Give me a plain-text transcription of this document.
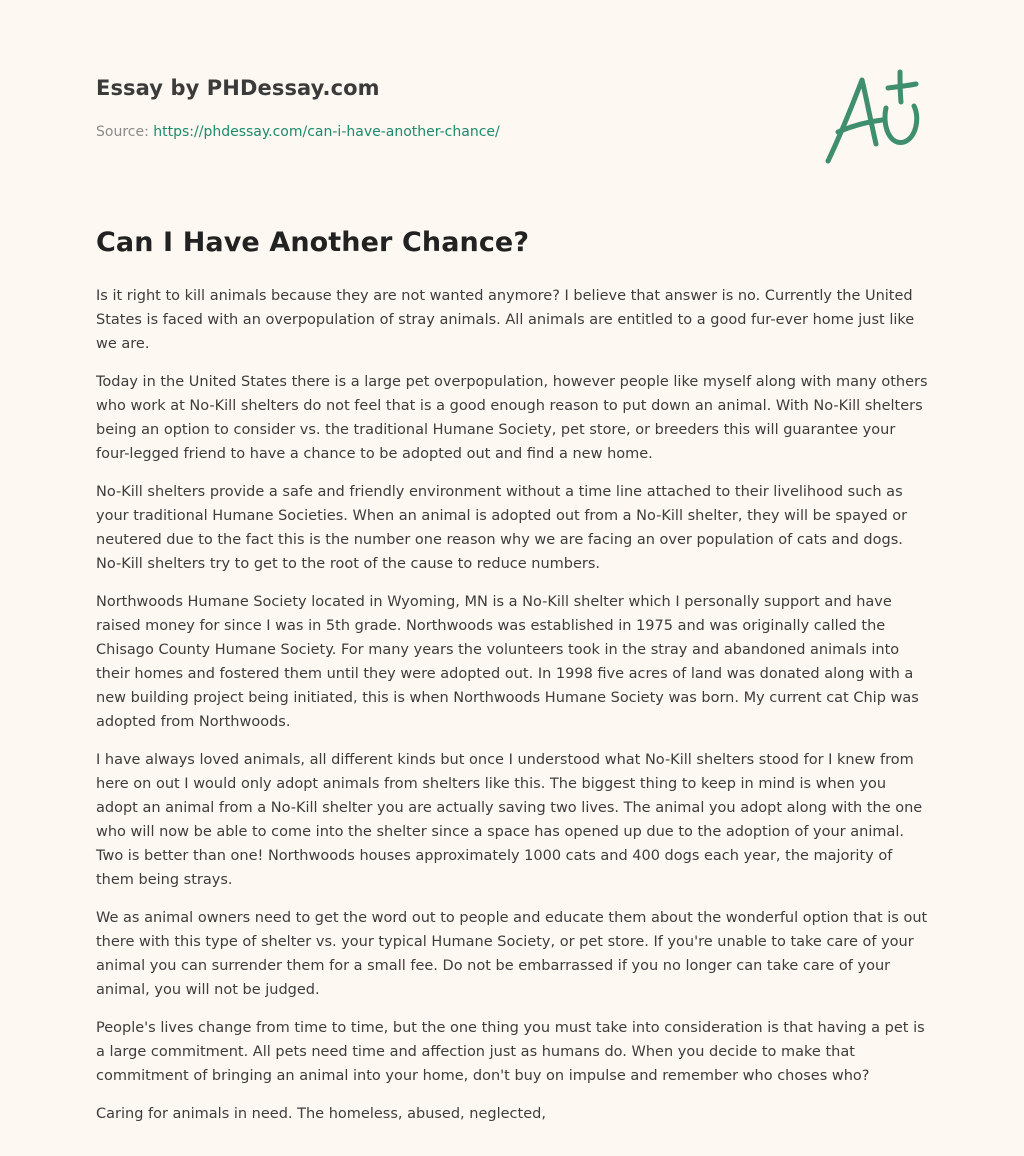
Essay by PHDessay.com
Source: https://phdessay.com/can-i-have-another-chance/
Can I Have Another Chance?

Is it right to kill animals because they are not wanted anymore? I believe that answer is no. Currently the United States is faced with an overpopulation of stray animals. All animals are entitled to a good fur-ever home just like we are.

Today in the United States there is a large pet overpopulation, however people like myself along with many others who work at No-Kill shelters do not feel that is a good enough reason to put down an animal. With No-Kill shelters being an option to consider vs. the traditional Humane Society, pet store, or breeders this will guarantee your four-legged friend to have a chance to be adopted out and find a new home.

No-Kill shelters provide a safe and friendly environment without a time line attached to their livelihood such as your traditional Humane Societies. When an animal is adopted out from a No-Kill shelter, they will be spayed or neutered due to the fact this is the number one reason why we are facing an over population of cats and dogs. No-Kill shelters try to get to the root of the cause to reduce numbers.

Northwoods Humane Society located in Wyoming, MN is a No-Kill shelter which I personally support and have raised money for since I was in 5th grade. Northwoods was established in 1975 and was originally called the Chisago County Humane Society. For many years the volunteers took in the stray and abandoned animals into their homes and fostered them until they were adopted out. In 1998 five acres of land was donated along with a new building project being initiated, this is when Northwoods Humane Society was born. My current cat Chip was adopted from Northwoods.

I have always loved animals, all different kinds but once I understood what No-Kill shelters stood for I knew from here on out I would only adopt animals from shelters like this. The biggest thing to keep in mind is when you adopt an animal from a No-Kill shelter you are actually saving two lives. The animal you adopt along with the one who will now be able to come into the shelter since a space has opened up due to the adoption of your animal. Two is better than one! Northwoods houses approximately 1000 cats and 400 dogs each year, the majority of them being strays.

We as animal owners need to get the word out to people and educate them about the wonderful option that is out there with this type of shelter vs. your typical Humane Society, or pet store. If you're unable to take care of your animal you can surrender them for a small fee. Do not be embarrassed if you no longer can take care of your animal, you will not be judged.

People's lives change from time to time, but the one thing you must take into consideration is that having a pet is a large commitment. All pets need time and affection just as humans do. When you decide to make that commitment of bringing an animal into your home, don't buy on impulse and remember who choses who?

Caring for animals in need. The homeless, abused, neglected,
